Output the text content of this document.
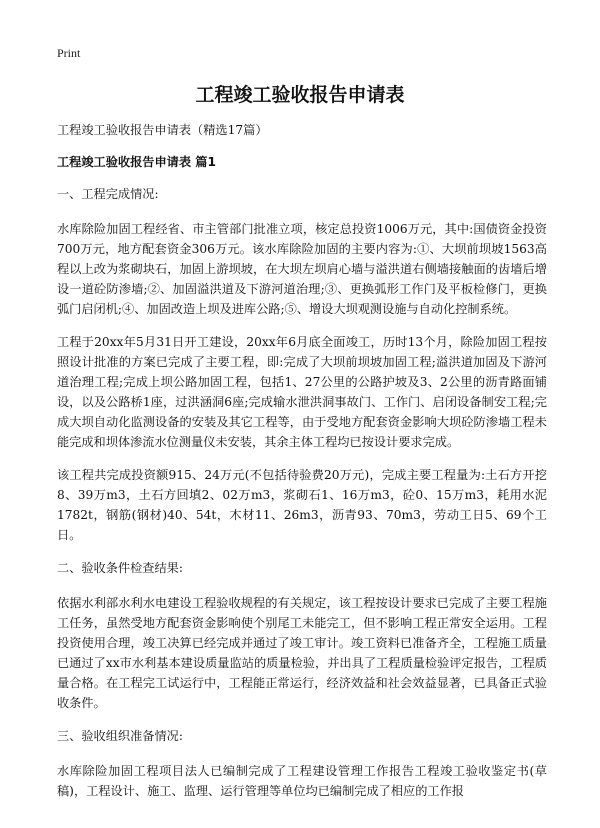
Print
工程竣工验收报告申请表

工程竣工验收报告申请表（精选17篇）

工程竣工验收报告申请表 篇1

一、工程完成情况:

水库除险加固工程经省、市主管部门批准立项，核定总投资1006万元，其中:国债资金投资700万元，地方配套资金306万元。该水库除险加固的主要内容为:①、大坝前坝坡1563高程以上改为浆砌块石，加固上游坝坡，在大坝左坝肩心墙与溢洪道右侧墙接触面的齿墙后增设一道砼防渗墙;②、加固溢洪道及下游河道治理;③、更换弧形工作门及平板检修门，更换弧门启闭机;④、加固改造上坝及进库公路;⑤、增设大坝观测设施与自动化控制系统。

工程于20xx年5月31日开工建设，20xx年6月底全面竣工，历时13个月，除险加固工程按照设计批准的方案已完成了主要工程，即:完成了大坝前坝坡加固工程;溢洪道加固及下游河道治理工程;完成上坝公路加固工程，包括1、27公里的公路护坡及3、2公里的沥青路面铺设，以及公路桥1座，过洪涵洞6座;完成输水泄洪洞事故门、工作门、启闭设备制安工程;完成大坝自动化监测设备的安装及其它工程等，由于受地方配套资金影响大坝砼防渗墙工程未能完成和坝体渗流水位测量仪未安装，其余主体工程均已按设计要求完成。

该工程共完成投资额915、24万元(不包括待验费20万元)，完成主要工程量为:土石方开挖8、39万m3，土石方回填2、02万m3，浆砌石1、16万m3，砼0、15万m3，耗用水泥1782t，钢筋(钢材)40、54t，木材11、26m3，沥青93、70m3，劳动工日5、69个工日。

二、验收条件检查结果:

依据水利部水利水电建设工程验收规程的有关规定，该工程按设计要求已完成了主要工程施工任务，虽然受地方配套资金影响使个别尾工未能完工，但不影响工程正常安全运用。工程投资使用合理，竣工决算已经完成并通过了竣工审计。竣工资料已准备齐全，工程施工质量已通过了xx市水利基本建设质量监站的质量检验，并出具了工程质量检验评定报告，工程质量合格。在工程完工试运行中，工程能正常运行，经济效益和社会效益显著，已具备正式验收条件。

三、验收组织准备情况:

水库除险加固工程项目法人已编制完成了工程建设管理工作报告工程竣工验收鉴定书(草稿)，工程设计、施工、监理、运行管理等单位均已编制完成了相应的工作报
